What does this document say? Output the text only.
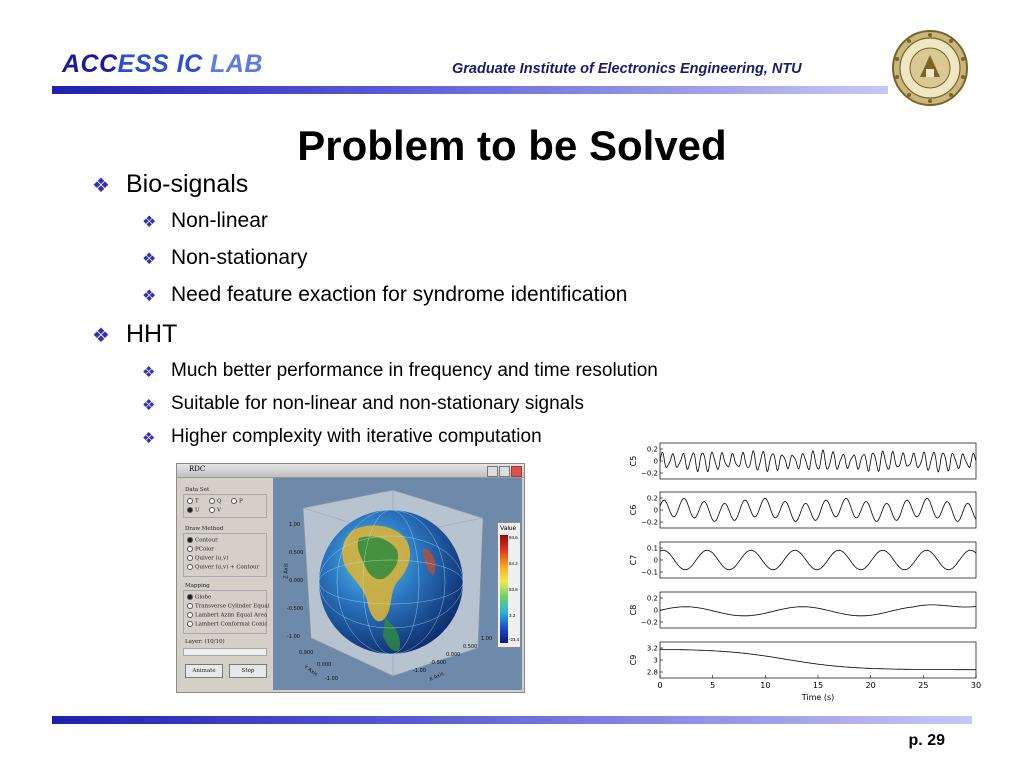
ACCESS IC LAB	Graduate Institute of Electronics Engineering, NTU
Problem to be Solved
❖ Bio-signals
❖ Non-linear
❖ Non-stationary
❖ Need feature exaction for syndrome identification
❖ HHT
❖ Much better performance in frequency and time resolution
❖ Suitable for non-linear and non-stationary signals
❖ Higher complexity with iterative computation
RDC
Data Set
T	Q	P
U	V
Draw Method
Contour
PColor
Quiver (u,v)
Quiver (u,v) + Contour
Mapping
Globe
Transverse Cylinder Equal
Lambert Azim Equal Area
Lambert Conformal Conic
Layer: (10/10)
Animate	Stop
1.00
0.500
0.000
-0.500
-1.00
Z Axis
0.900
0.000
-1.00
Y Axis	-1.00
-0.500
0.000
0.500
1.00
X Axis
Value
94.6
64.2
53.8
3.3
-23.4
0.2
0
−0.2
C5
0.2
0
−0.2
C6
0.1
0
−0.1
C7
0.2
0
−0.2
C8
3.2
3
2.8
C9
0	5	10	15	20	25	30
Time (s)
p. 29
